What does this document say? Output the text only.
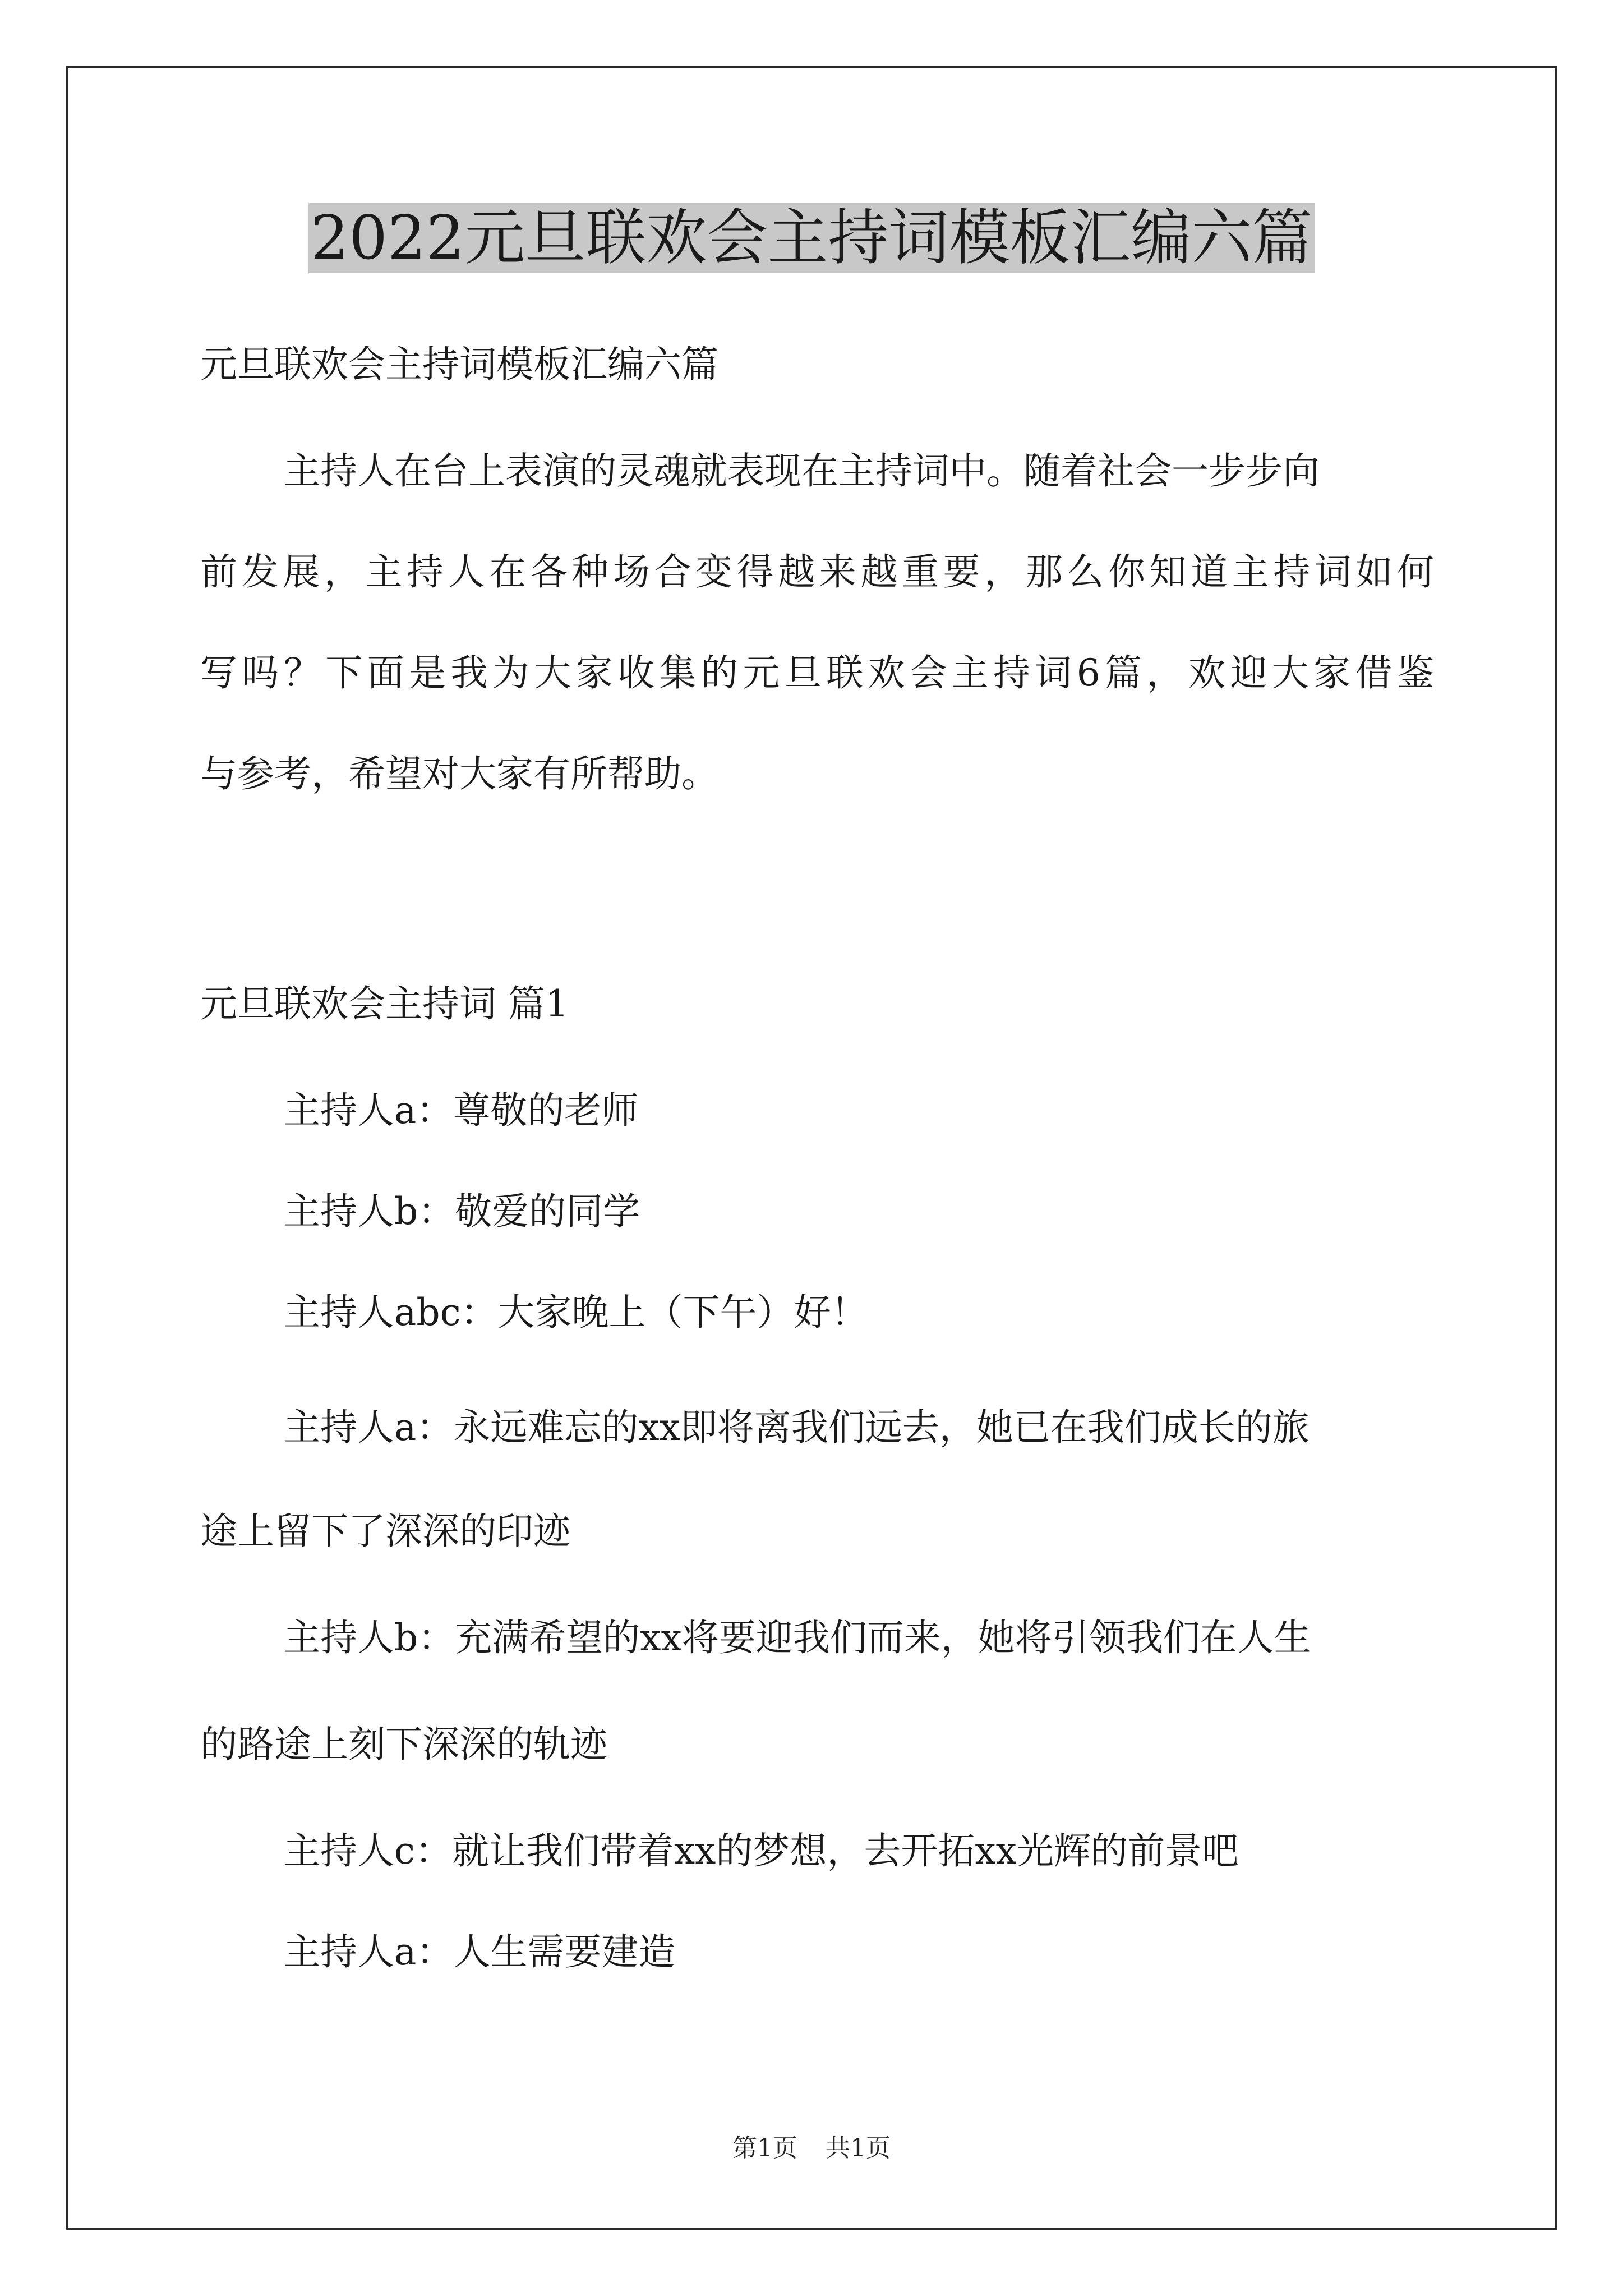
2022元旦联欢会主持词模板汇编六篇
元旦联欢会主持词模板汇编六篇
主持人在台上表演的灵魂就表现在主持词中。随着社会一步步向
前发展，主持人在各种场合变得越来越重要，那么你知道主持词如何
写吗？下面是我为大家收集的元旦联欢会主持词6篇，欢迎大家借鉴
与参考，希望对大家有所帮助。
元旦联欢会主持词 篇1
主持人a：尊敬的老师
主持人b：敬爱的同学
主持人abc：大家晚上（下午）好！
主持人a：永远难忘的xx即将离我们远去，她已在我们成长的旅
途上留下了深深的印迹
主持人b：充满希望的xx将要迎我们而来，她将引领我们在人生
的路途上刻下深深的轨迹
主持人c：就让我们带着xx的梦想，去开拓xx光辉的前景吧
主持人a：人生需要建造
第1页 共1页
